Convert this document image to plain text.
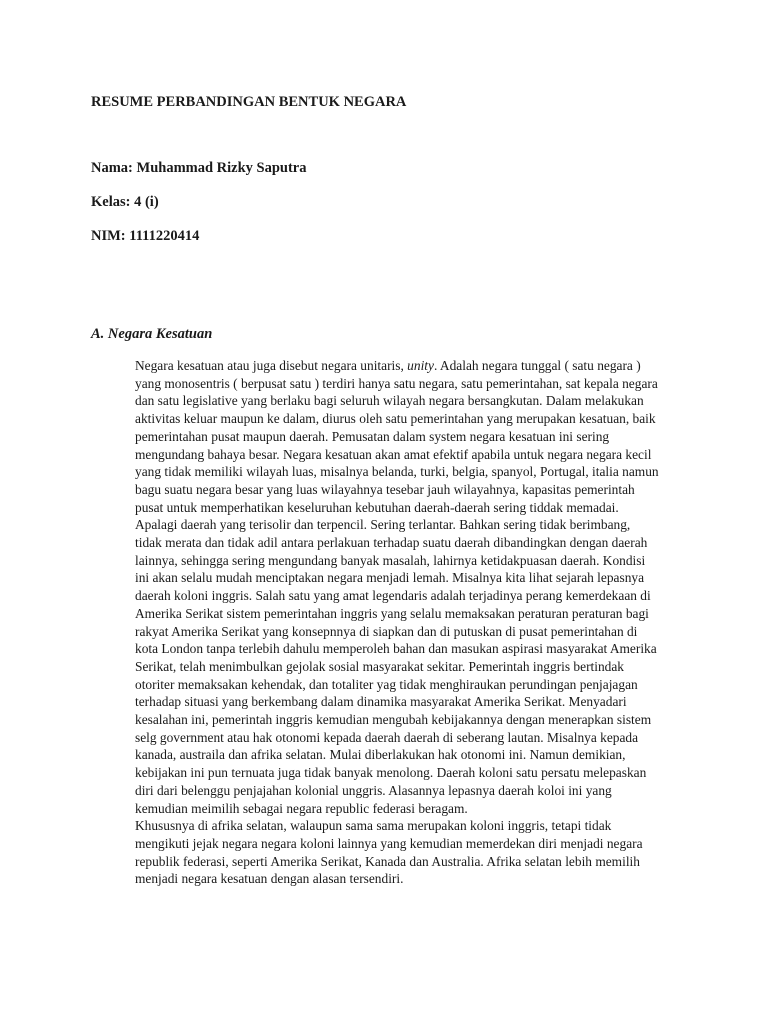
RESUME PERBANDINGAN BENTUK NEGARA

Nama: Muhammad Rizky Saputra

Kelas: 4 (i)

NIM: 1111220414

A. Negara Kesatuan
Negara kesatuan atau juga disebut negara unitaris, unity. Adalah negara tunggal ( satu negara )
yang monosentris ( berpusat satu ) terdiri hanya satu negara, satu pemerintahan, sat kepala negara
dan satu legislative yang berlaku bagi seluruh wilayah negara bersangkutan. Dalam melakukan
aktivitas keluar maupun ke dalam, diurus oleh satu pemerintahan yang merupakan kesatuan, baik
pemerintahan pusat maupun daerah. Pemusatan dalam system negara kesatuan ini sering
mengundang bahaya besar. Negara kesatuan akan amat efektif apabila untuk negara negara kecil
yang tidak memiliki wilayah luas, misalnya belanda, turki, belgia, spanyol, Portugal, italia namun
bagu suatu negara besar yang luas wilayahnya tesebar jauh wilayahnya, kapasitas pemerintah
pusat untuk memperhatikan keseluruhan kebutuhan daerah-daerah sering tiddak memadai.
Apalagi daerah yang terisolir dan terpencil. Sering terlantar. Bahkan sering tidak berimbang,
tidak merata dan tidak adil antara perlakuan terhadap suatu daerah dibandingkan dengan daerah
lainnya, sehingga sering mengundang banyak masalah, lahirnya ketidakpuasan daerah. Kondisi
ini akan selalu mudah menciptakan negara menjadi lemah. Misalnya kita lihat sejarah lepasnya
daerah koloni inggris. Salah satu yang amat legendaris adalah terjadinya perang kemerdekaan di
Amerika Serikat sistem pemerintahan inggris yang selalu memaksakan peraturan peraturan bagi
rakyat Amerika Serikat yang konsepnnya di siapkan dan di putuskan di pusat pemerintahan di
kota London tanpa terlebih dahulu memperoleh bahan dan masukan aspirasi masyarakat Amerika
Serikat, telah menimbulkan gejolak sosial masyarakat sekitar. Pemerintah inggris bertindak
otoriter memaksakan kehendak, dan totaliter yag tidak menghiraukan perundingan penjajagan
terhadap situasi yang berkembang dalam dinamika masyarakat Amerika Serikat. Menyadari
kesalahan ini, pemerintah inggris kemudian mengubah kebijakannya dengan menerapkan sistem
selg government atau hak otonomi kepada daerah daerah di seberang lautan. Misalnya kepada
kanada, austraila dan afrika selatan. Mulai diberlakukan hak otonomi ini. Namun demikian,
kebijakan ini pun ternuata juga tidak banyak menolong. Daerah koloni satu persatu melepaskan
diri dari belenggu penjajahan kolonial unggris. Alasannya lepasnya daerah koloi ini yang
kemudian meimilih sebagai negara republic federasi beragam.
Khususnya di afrika selatan, walaupun sama sama merupakan koloni inggris, tetapi tidak
mengikuti jejak negara negara koloni lainnya yang kemudian memerdekan diri menjadi negara
republik federasi, seperti Amerika Serikat, Kanada dan Australia. Afrika selatan lebih memilih
menjadi negara kesatuan dengan alasan tersendiri.
